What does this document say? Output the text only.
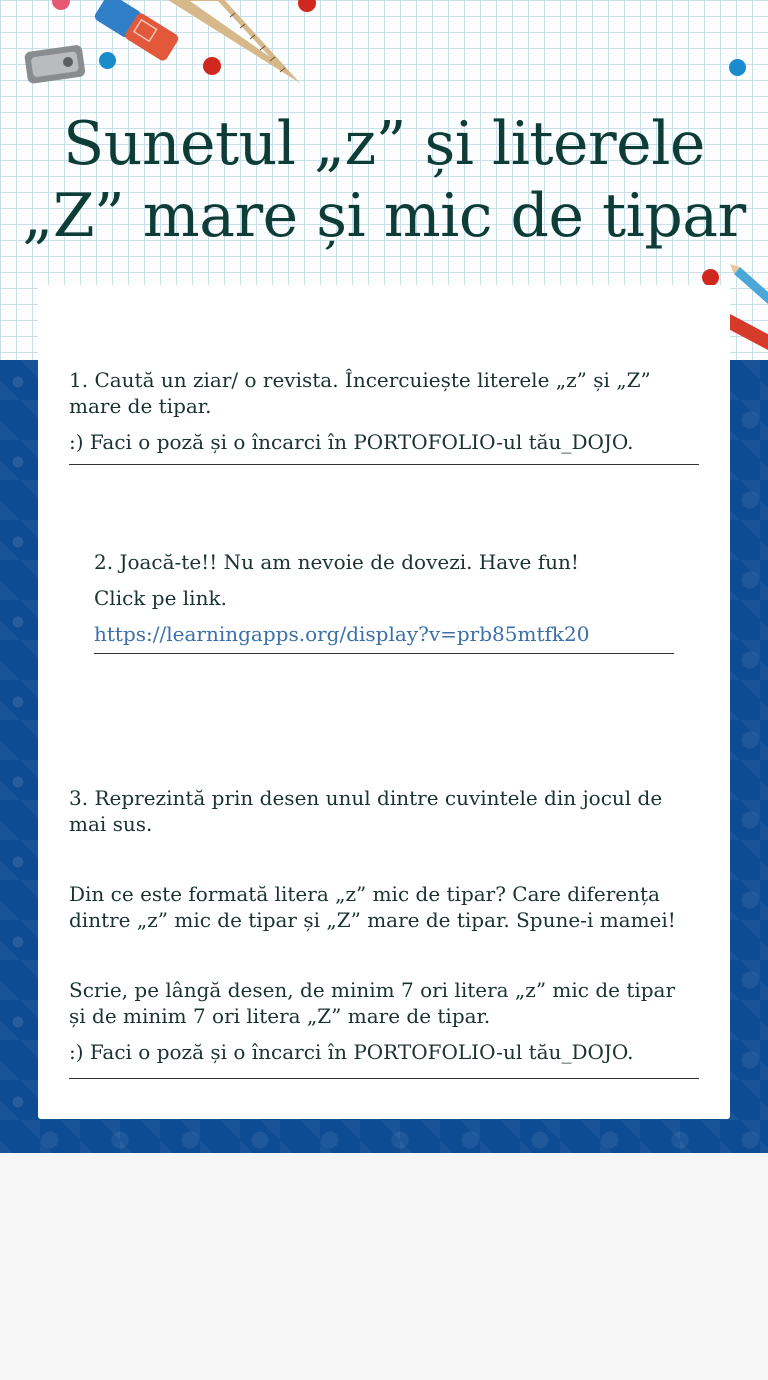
Sunetul „z” și literele „Z” mare și mic de tipar

1. Caută un ziar/ o revista. Încercuiește literele „z” și „Z” mare de tipar.

:) Faci o poză și o încarci în PORTOFOLIO-ul tău_DOJO.

2. Joacă-te!! Nu am nevoie de dovezi. Have fun!

Click pe link.

https://learningapps.org/display?v=prb85mtfk20

3. Reprezintă prin desen unul dintre cuvintele din jocul de mai sus.

Din ce este formată litera „z” mic de tipar? Care diferența dintre „z” mic de tipar și „Z” mare de tipar. Spune-i mamei!

Scrie, pe lângă desen, de minim 7 ori litera „z” mic de tipar și de minim 7 ori litera „Z” mare de tipar.

:) Faci o poză și o încarci în PORTOFOLIO-ul tău_DOJO.
